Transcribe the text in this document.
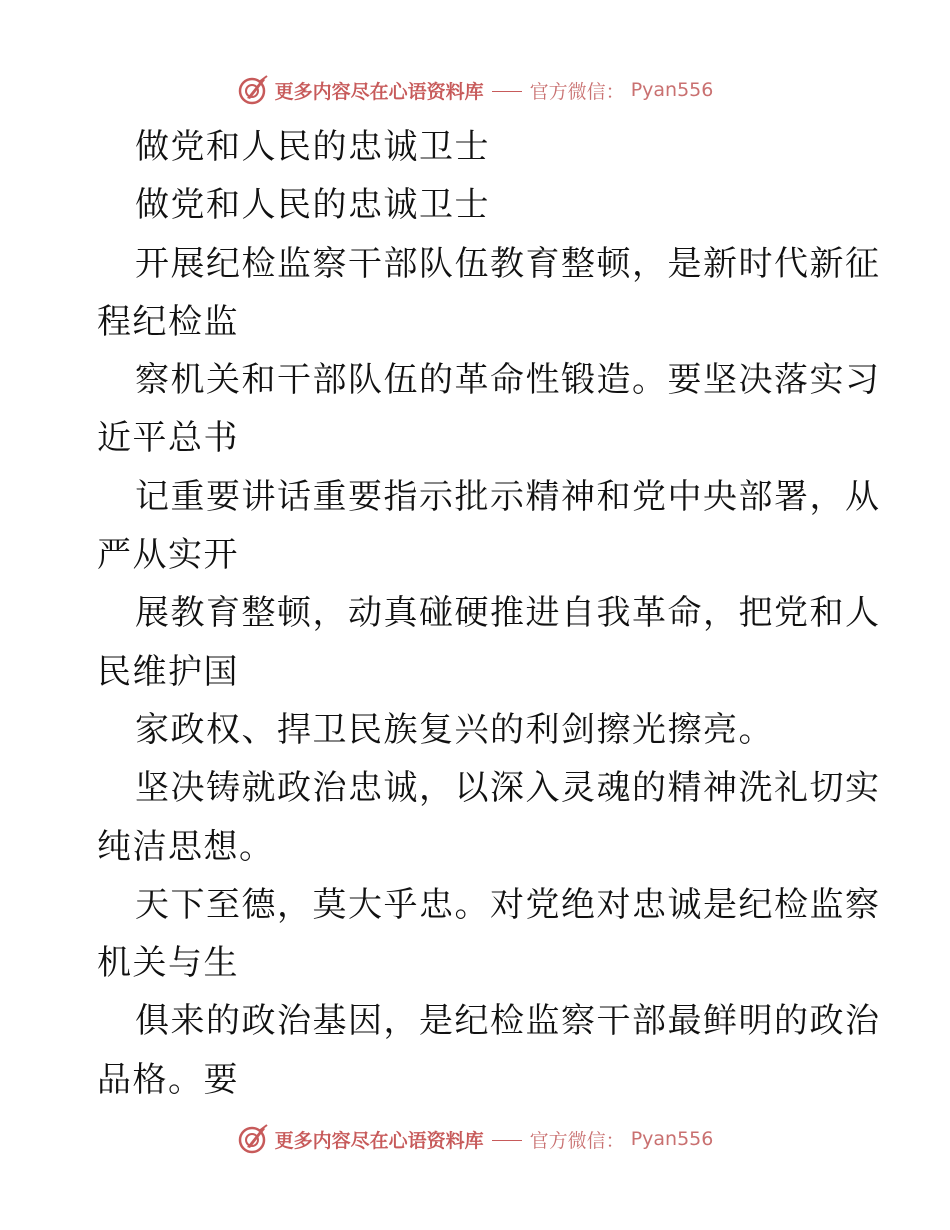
更多内容尽在心语资料库 官方微信： Pyan556
做党和人民的忠诚卫士
做党和人民的忠诚卫士
开展纪检监察干部队伍教育整顿，是新时代新征
程纪检监
察机关和干部队伍的革命性锻造。要坚决落实习
近平总书
记重要讲话重要指示批示精神和党中央部署，从
严从实开
展教育整顿，动真碰硬推进自我革命，把党和人
民维护国
家政权、捍卫民族复兴的利剑擦光擦亮。
坚决铸就政治忠诚，以深入灵魂的精神洗礼切实
纯洁思想。
天下至德，莫大乎忠。对党绝对忠诚是纪检监察
机关与生
俱来的政治基因，是纪检监察干部最鲜明的政治
品格。要
更多内容尽在心语资料库 官方微信： Pyan556
